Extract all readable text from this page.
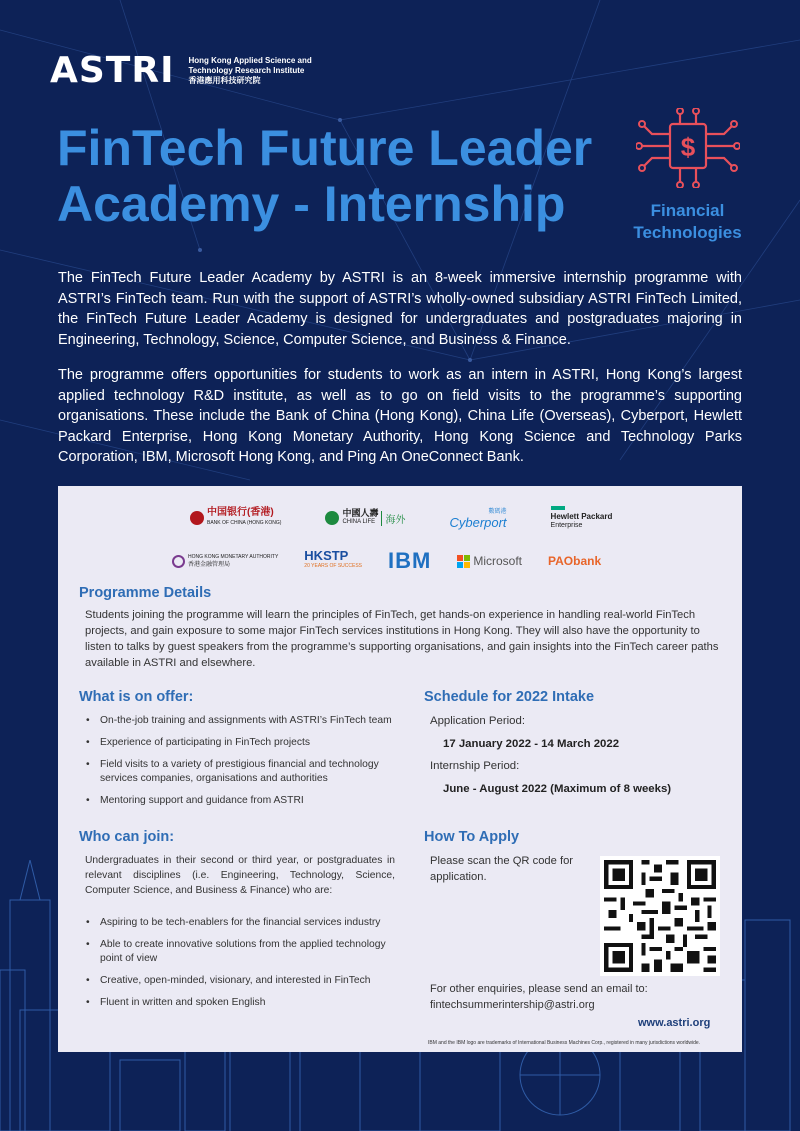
ASTRI Hong Kong Applied Science and
Technology Research Institute
香港應用科技研究院
FinTech Future Leader
Academy - Internship
$
Financial
Technologies

The FinTech Future Leader Academy by ASTRI is an 8-week immersive internship programme with ASTRI’s FinTech team. Run with the support of ASTRI’s wholly-owned subsidiary ASTRI FinTech Limited, the FinTech Future Leader Academy is designed for undergraduates and postgraduates majoring in Engineering, Technology, Science, Computer Science, and Business & Finance.

The programme offers opportunities for students to work as an intern in ASTRI, Hong Kong’s largest applied technology R&D institute, as well as to go on field visits to the programme’s supporting organisations. These include the Bank of China (Hong Kong), China Life (Overseas), Cyberport, Hewlett Packard Enterprise, Hong Kong Monetary Authority, Hong Kong Science and Technology Parks Corporation, IBM, Microsoft Hong Kong, and Ping An OneConnect Bank.

中国银行(香港)
BANK OF CHINA (HONG KONG)
中國人壽
CHINA LIFE	海外
數碼港
Cyberport	Hewlett Packard
Enterprise
HONG KONG MONETARY AUTHORITY
香港金融管理局
HKSTP
20 YEARS OF SUCCESS IBM	Microsoft PAObank
Programme Details

Students joining the programme will learn the principles of FinTech, get hands-on experience in handling real-world FinTech projects, and gain exposure to some major FinTech services institutions in Hong Kong. They will also have the opportunity to listen to talks by guest speakers from the programme’s supporting organisations, and gain insights into the FinTech career paths available in ASTRI and elsewhere.

What is on offer:
• On-the-job training and assignments with ASTRI’s FinTech team
• Experience of participating in FinTech projects
• Field visits to a variety of prestigious financial and technology services companies, organisations and authorities
• Mentoring support and guidance from ASTRI
Schedule for 2022 Intake
Application Period:
17 January 2022 - 14 March 2022
Internship Period:
June - August 2022 (Maximum of 8 weeks)
Who can join:

Undergraduates in their second or third year, or postgraduates in relevant disciplines (i.e. Engineering, Technology, Science, Computer Science, and Business & Finance) who are:

• Aspiring to be tech-enablers for the financial services industry
• Able to create innovative solutions from the applied technology point of view
• Creative, open-minded, visionary, and interested in FinTech
• Fluent in written and spoken English
How To Apply

Please scan the QR code for application.

For other enquiries, please send an email to:
fintechsummerintership@astri.org

www.astri.org
IBM and the IBM logo are trademarks of International Business Machines Corp., registered in many jurisdictions worldwide.
